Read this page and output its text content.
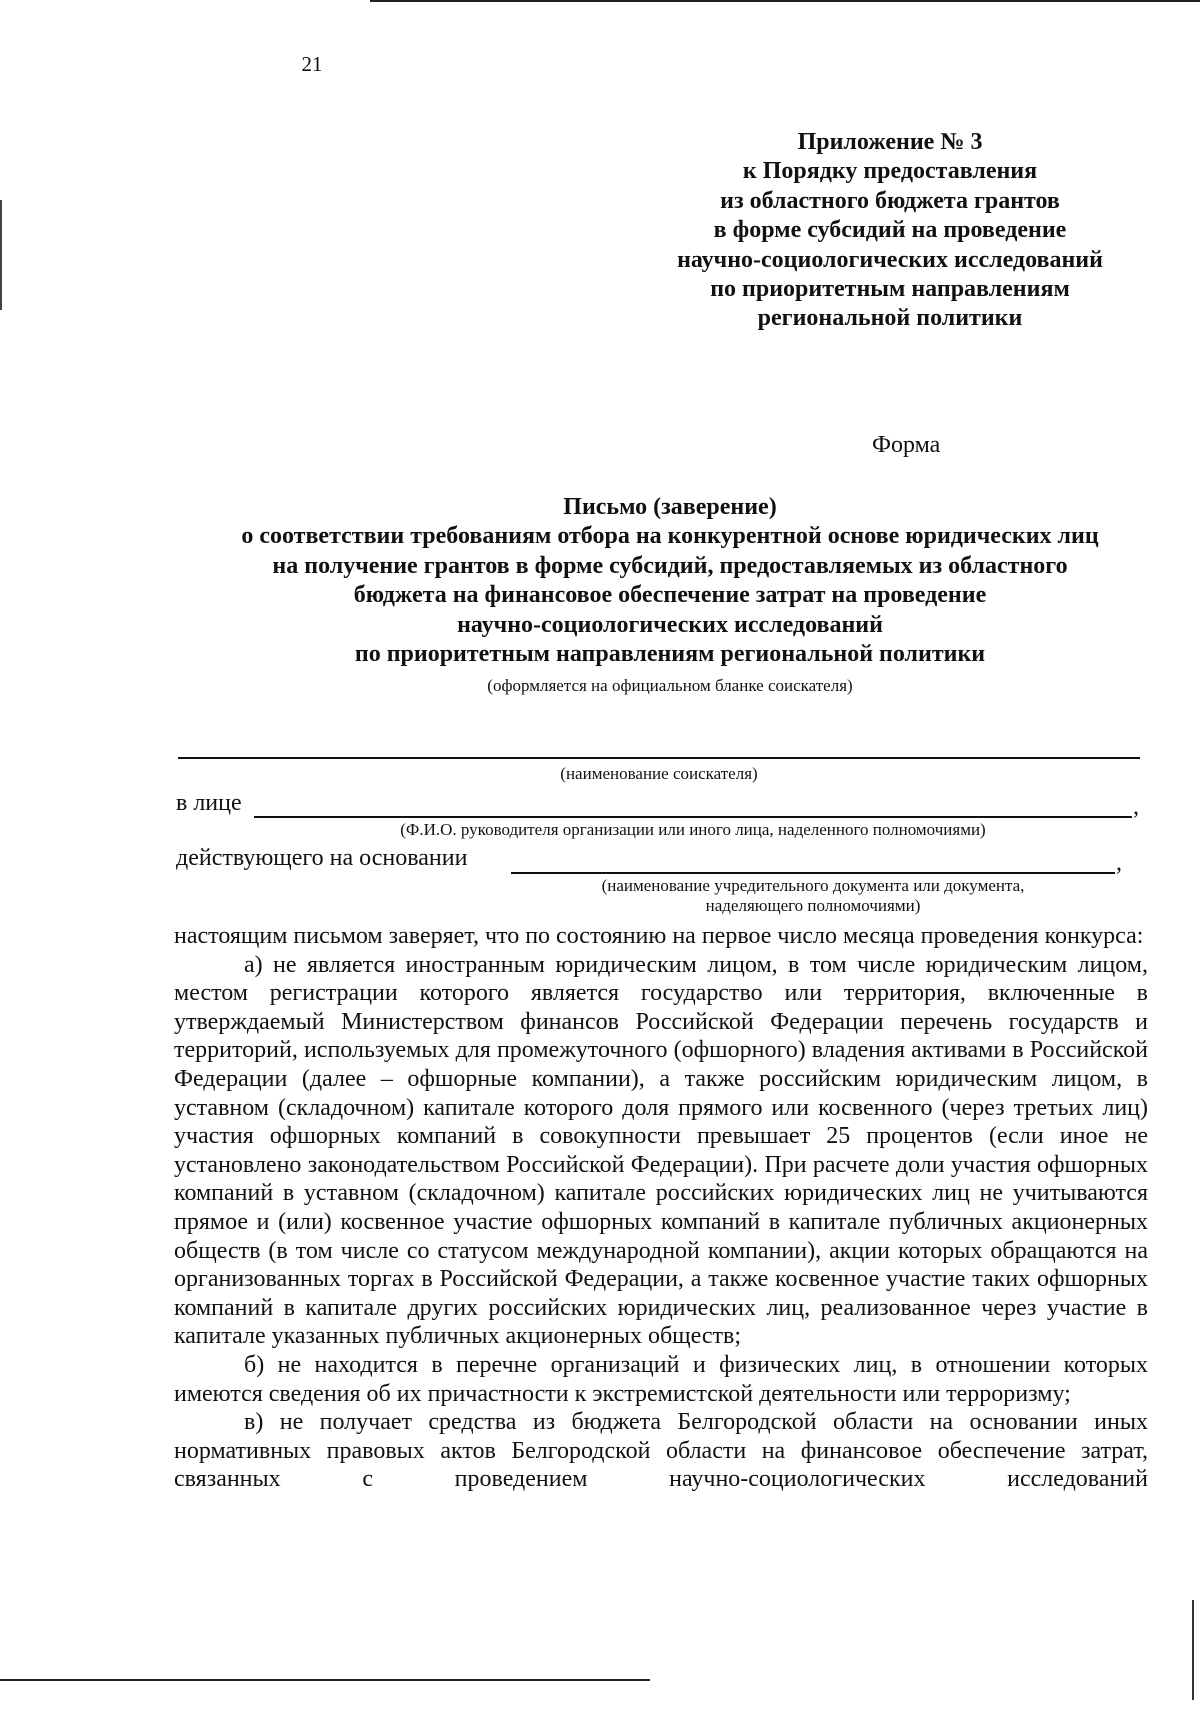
21
Приложение № 3
к Порядку предоставления
из областного бюджета грантов
в форме субсидий на проведение
научно-социологических исследований
по приоритетным направлениям
региональной политики
Форма
Письмо (заверение)
о соответствии требованиям отбора на конкурентной основе юридических лиц
на получение грантов в форме субсидий, предоставляемых из областного
бюджета на финансовое обеспечение затрат на проведение
научно-социологических исследований
по приоритетным направлениям региональной политики
(оформляется на официальном бланке соискателя)
(наименование соискателя)
в лице	,
(Ф.И.О. руководителя организации или иного лица, наделенного полномочиями)
действующего на основании	,
(наименование учредительного документа или документа,
наделяющего полномочиями)

настоящим письмом заверяет, что по состоянию на первое число месяца проведения конкурса:

а) не является иностранным юридическим лицом, в том числе юридическим лицом, местом регистрации которого является государство или территория, включенные в утверждаемый Министерством финансов Российской Федерации перечень государств и территорий, используемых для промежуточного (офшорного) владения активами в Российской Федерации (далее – офшорные компании), а также российским юридическим лицом, в уставном (складочном) капитале которого доля прямого или косвенного (через третьих лиц) участия офшорных компаний в совокупности превышает 25 процентов (если иное не установлено законодательством Российской Федерации). При расчете доли участия офшорных компаний в уставном (складочном) капитале российских юридических лиц не учитываются прямое и (или) косвенное участие офшорных компаний в капитале публичных акционерных обществ (в том числе со статусом международной компании), акции которых обращаются на организованных торгах в Российской Федерации, а также косвенное участие таких офшорных компаний в капитале других российских юридических лиц, реализованное через участие в капитале указанных публичных акционерных обществ;

б) не находится в перечне организаций и физических лиц, в отношении которых имеются сведения об их причастности к экстремистской деятельности или терроризму;

в) не получает средства из бюджета Белгородской области на основании иных нормативных правовых актов Белгородской области на финансовое обеспечение затрат, связанных с проведением научно-социологических исследований
